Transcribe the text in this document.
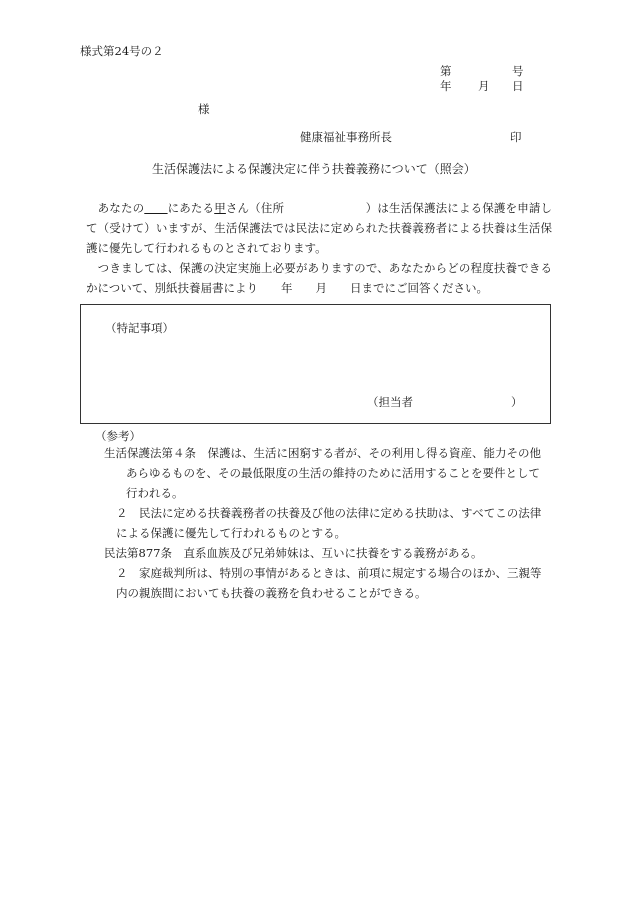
様式第24号の２
第	号
年 月 日
様
健康福祉事務所長	印
生活保護法による保護決定に伴う扶養義務について（照会）

　あなたの　　 にあたる甲さん（住所　　　　　　　）は生活保護法による保護を申請して（受けて）いますが、生活保護法では民法に定められた扶養義務者による扶養は生活保護に優先して行われるものとされております。

　つきましては、保護の決定実施上必要がありますので、あなたからどの程度扶養できるかについて、別紙扶養届書により　　年　　月　　日までにご回答ください。

（特記事項）
（担当者	）
（参考）
生活保護法第４条　保護は、生活に困窮する者が、その利用し得る資産、能力その他
あらゆるものを、その最低限度の生活の維持のために活用することを要件として
行われる。
２　民法に定める扶養義務者の扶養及び他の法律に定める扶助は、すべてこの法律
による保護に優先して行われるものとする。
民法第877条　直系血族及び兄弟姉妹は、互いに扶養をする義務がある。
２　家庭裁判所は、特別の事情があるときは、前項に規定する場合のほか、三親等
内の親族間においても扶養の義務を負わせることができる。
